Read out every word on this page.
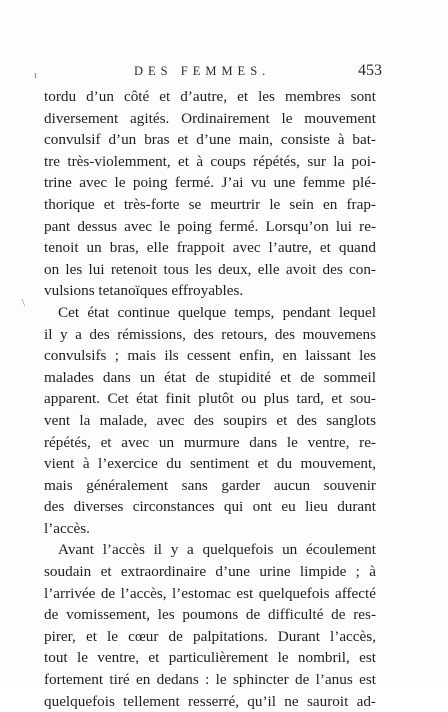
ı
\
DES FEMMES.	453
tordu d’un côté et d’autre, et les membres sont
diversement agités. Ordinairement le mouvement
convulsif d’un bras et d’une main, consiste à bat-
tre très-violemment, et à coups répétés, sur la poi-
trine avec le poing fermé. J’ai vu une femme plé-
thorique et très-forte se meurtrir le sein en frap-
pant dessus avec le poing fermé. Lorsqu’on lui re-
tenoit un bras, elle frappoit avec l’autre, et quand
on les lui retenoit tous les deux, elle avoit des con-
vulsions tetanoïques effroyables.
Cet état continue quelque temps, pendant lequel
il y a des rémissions, des retours, des mouvemens
convulsifs ; mais ils cessent enfin, en laissant les
malades dans un état de stupidité et de sommeil
apparent. Cet état finit plutôt ou plus tard, et sou-
vent la malade, avec des soupirs et des sanglots
répétés, et avec un murmure dans le ventre, re-
vient à l’exercice du sentiment et du mouvement,
mais généralement sans garder aucun souvenir
des diverses circonstances qui ont eu lieu durant
l’accès.
Avant l’accès il y a quelquefois un écoulement
soudain et extraordinaire d’une urine limpide ; à
l’arrivée de l’accès, l’estomac est quelquefois affecté
de vomissement, les poumons de difficulté de res-
pirer, et le cœur de palpitations. Durant l’accès,
tout le ventre, et particulièrement le nombril, est
fortement tiré en dedans : le sphincter de l’anus est
quelquefois tellement resserré, qu’il ne sauroit ad-
